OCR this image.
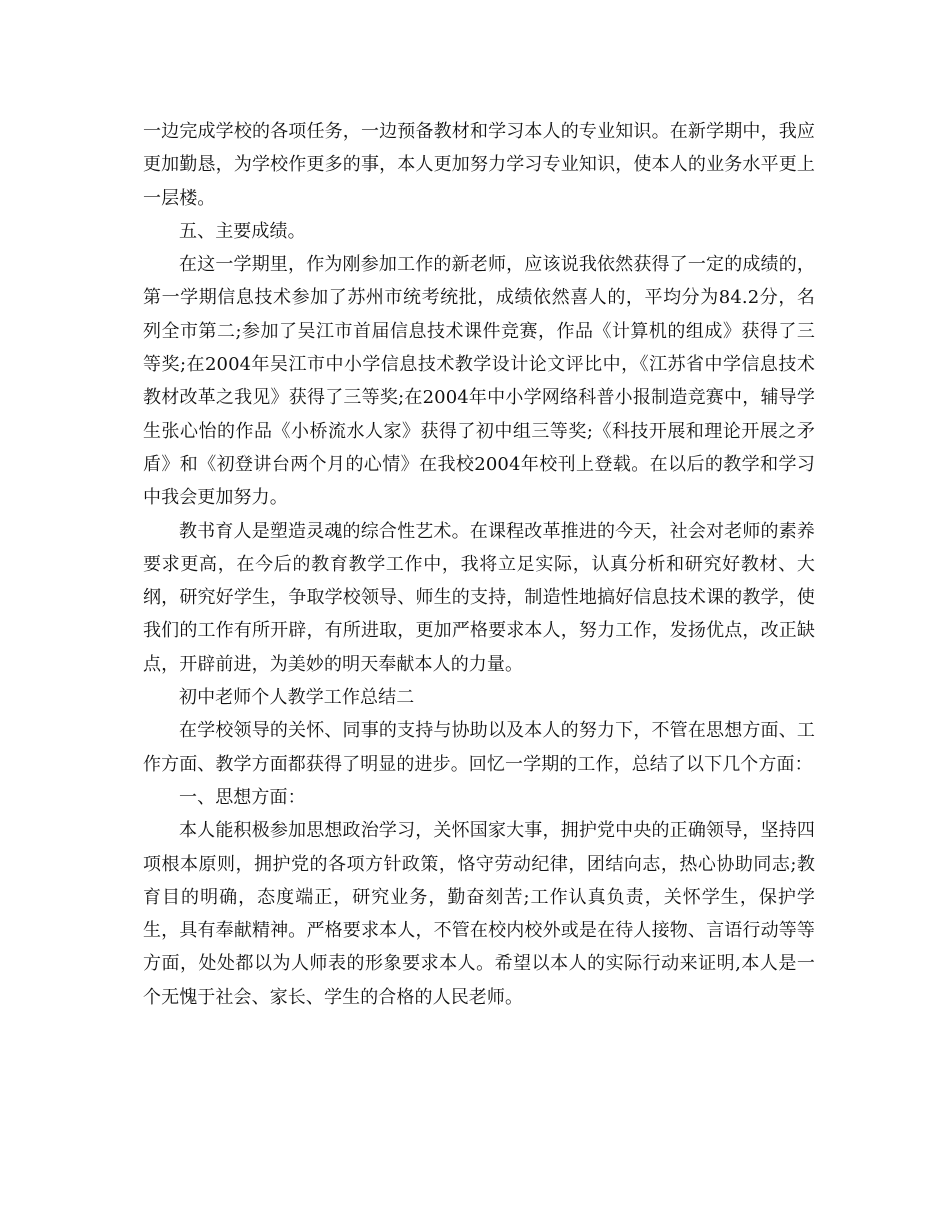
一边完成学校的各项任务，一边预备教材和学习本人的专业知识。在新学期中，我应更加勤恳，为学校作更多的事，本人更加努力学习专业知识，使本人的业务水平更上一层楼。

五、主要成绩。

在这一学期里，作为刚参加工作的新老师，应该说我依然获得了一定的成绩的，第一学期信息技术参加了苏州市统考统批，成绩依然喜人的，平均分为84.2分，名列全市第二;参加了吴江市首届信息技术课件竞赛，作品《计算机的组成》获得了三等奖;在2004年吴江市中小学信息技术教学设计论文评比中，《江苏省中学信息技术教材改革之我见》获得了三等奖;在2004年中小学网络科普小报制造竞赛中，辅导学生张心怡的作品《小桥流水人家》获得了初中组三等奖;《科技开展和理论开展之矛盾》和《初登讲台两个月的心情》在我校2004年校刊上登载。在以后的教学和学习中我会更加努力。

教书育人是塑造灵魂的综合性艺术。在课程改革推进的今天，社会对老师的素养要求更高，在今后的教育教学工作中，我将立足实际，认真分析和研究好教材、大纲，研究好学生，争取学校领导、师生的支持，制造性地搞好信息技术课的教学，使我们的工作有所开辟，有所进取，更加严格要求本人，努力工作，发扬优点，改正缺点，开辟前进，为美妙的明天奉献本人的力量。

初中老师个人教学工作总结二

在学校领导的关怀、同事的支持与协助以及本人的努力下，不管在思想方面、工作方面、教学方面都获得了明显的进步。回忆一学期的工作，总结了以下几个方面：

一、思想方面：

本人能积极参加思想政治学习，关怀国家大事，拥护党中央的正确领导，坚持四项根本原则，拥护党的各项方针政策，恪守劳动纪律，团结向志，热心协助同志;教育目的明确，态度端正，研究业务，勤奋刻苦;工作认真负责，关怀学生，保护学生，具有奉献精神。严格要求本人，不管在校内校外或是在待人接物、言语行动等等方面，处处都以为人师表的形象要求本人。希望以本人的实际行动来证明,本人是一个无愧于社会、家长、学生的合格的人民老师。
